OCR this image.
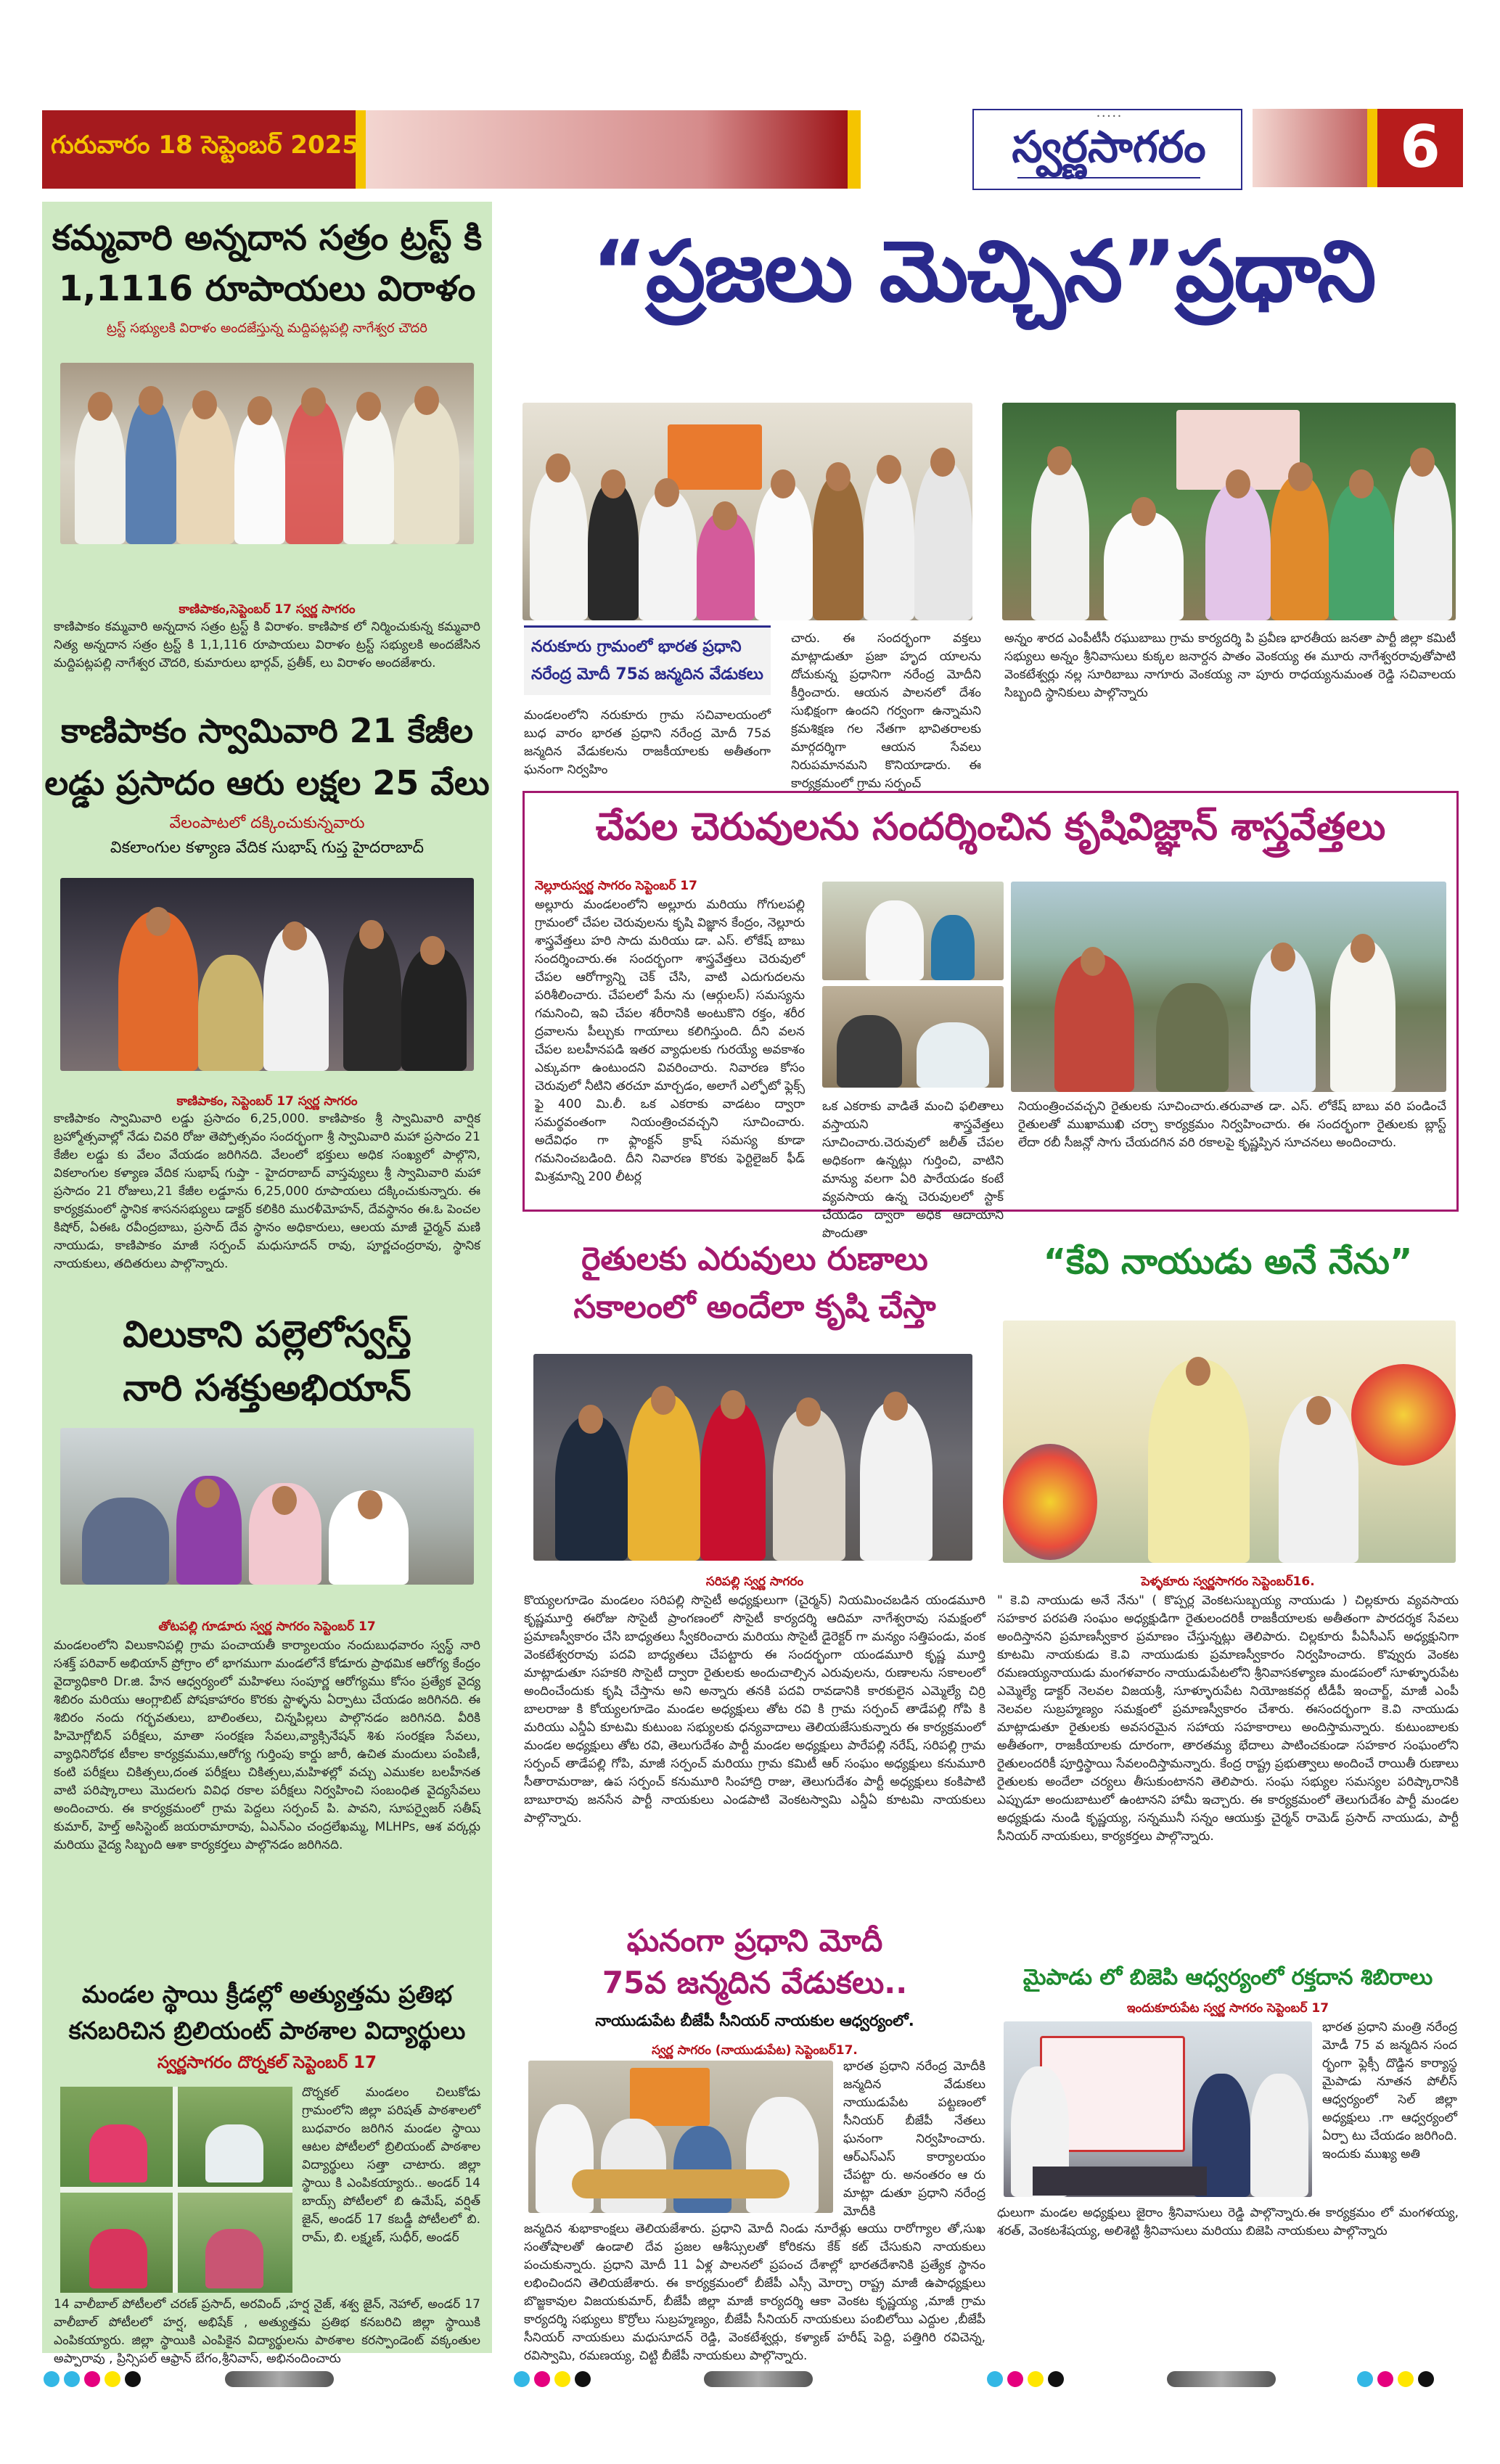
గురువారం 18 సెప్టెంబర్ 2025
• • • • •
స్వర్ణసాగరం	6
కమ్మవారి అన్నదాన సత్రం ట్రస్ట్ కి
1,1116 రూపాయలు విరాళం
ట్రస్ట్ సభ్యులకి విరాళం అందజేస్తున్న మద్దిపట్లపల్లి నాగేశ్వర చౌదరి
కాణిపాకం,సెప్టెంబర్ 17 స్వర్ణ సాగరం
కాణిపాకం కమ్మవారి అన్నదాన సత్రం ట్రస్ట్ కి విరాళం. కాణిపాక లో నిర్మించుకున్న కమ్మవారి నిత్య అన్నదాన సత్రం ట్రస్ట్ కి 1,1,116 రూపాయలు విరాళం ట్రస్ట్ సభ్యులకి అందజేసిన మద్దిపట్లపల్లి నాగేశ్వర చౌదరి, కుమారులు భార్గవ్, ప్రతీక్, లు విరాళం అందజేశారు.
కాణిపాకం స్వామివారి 21 కేజీల
లడ్డు ప్రసాదం ఆరు లక్షల 25 వేలు
వేలంపాటలో దక్కించుకున్నవారు
వికలాంగుల కళ్యాణ వేదిక సుభాష్ గుప్త హైదరాబాద్
కాణిపాకం, సెప్టెంబర్ 17 స్వర్ణ సాగరం
కాణిపాకం స్వామివారి లడ్డు ప్రసాదం 6,25,000. కాణిపాకం శ్రీ స్వామివారి వార్షిక బ్రహ్మోత్సవాల్లో నేడు చివరి రోజు తెప్పోత్సవం సందర్భంగా శ్రీ స్వామివారి మహా ప్రసాదం 21 కేజీల లడ్డు కు వేలం వేయడం జరిగినది. వేలంలో భక్తులు అధిక సంఖ్యలో పాల్గొని, వికలాంగుల కళ్యాణ వేదిక సుభాష్ గుప్తా - హైదరాబాద్ వాస్తవ్యులు శ్రీ స్వామివారి మహా ప్రసాదం 21 రోజులు,21 కేజీల లడ్డూను 6,25,000 రూపాయలు దక్కించుకున్నారు. ఈ కార్యక్రమంలో స్థానిక శాసనసభ్యులు డాక్టర్ కలికిరి మురళీమోహన్, దేవస్థానం ఈ.ఓ పెంచల కిషోర్, ఏఈఓ రవీంద్రబాబు, ప్రసాద్ దేవ స్థానం అధికారులు, ఆలయ మాజీ ఛైర్మన్ మణి నాయుడు, కాణిపాకం మాజీ సర్పంచ్ మధుసూదన్ రావు, పూర్ణచంద్రరావు, స్థానిక నాయకులు, తదితరులు పాల్గొన్నారు.
విలుకాని పల్లెలోస్వస్త్
నారి సశక్తుఅభియాన్
తోటపల్లి గూడూరు స్వర్ణ సాగరం సెప్టెంబర్ 17
మండలంలోని విలుకానిపల్లి గ్రామ పంచాయతీ కార్యాలయం నందుబుధవారం స్వస్థ్ నారి సశక్త్ పరివార్ అభియాన్ ప్రోగ్రాం లో భాగముగా మండలోనే కోడూరు ప్రాథమిక ఆరోగ్య కేంద్రం వైద్యాధికారి Dr.జి. హేన ఆధ్వర్యంలో మహిళలు సంపూర్ణ ఆరోగ్యము కోసం ప్రత్యేక వైద్య శిబిరం మరియు ఆంగ్లాబిట్ పోషకాహారం కొరకు స్టాళ్ళను ఏర్పాటు చేయడం జరిగినది. ఈ శిబిరం నందు గర్భవతులు, బాలింతలు, చిన్నపిల్లలు పాల్గొనడం జరిగినది. వీరికి హిమోగ్లోబిన్ పరీక్షలు, మాతా సంరక్షణ సేవలు,వ్యాక్సినేషన్ శిశు సంరక్షణ సేవలు, వ్యాధినిరోధక టీకాల కార్యక్రమము,ఆరోగ్య గుర్తింపు కార్డు జారీ, ఉచిత మందులు పంపిణీ, కంటి పరీక్షలు చికిత్సలు,దంత పరీక్షలు చికిత్సలు,మహిళల్లో వచ్చు ఎముకల బలహీనత వాటి పరిష్కారాలు మొదలగు వివిధ రకాల పరీక్షలు నిర్వహించి సంబంధిత వైద్యసేవలు అందించారు. ఈ కార్యక్రమంలో గ్రామ పెద్దలు సర్పంచ్ పి. పావని, సూపర్వైజర్ సతీష్ కుమార్, హెల్త్ అసిస్టెంట్ జయరామారావు, ఏఎన్ఎం చంద్రలేఖమ్మ, MLHPs, ఆశ వర్కర్లు మరియు వైద్య సిబ్బంది ఆశా కార్యకర్తలు పాల్గొనడం జరిగినది.
మండల స్థాయి క్రీడల్లో అత్యుత్తమ ప్రతిభ
కనబరిచిన బ్రిలియంట్ పాఠశాల విద్యార్థులు
స్వర్ణసాగరం దొర్నకల్ సెప్టెంబర్ 17
దొర్నకల్ మండలం చిలుకోడు గ్రామంలోని జిల్లా పరిషత్ పాఠశాలలో బుధవారం జరిగిన మండల స్థాయి ఆటల పోటీలలో బ్రిలియంట్ పాఠశాల విద్యార్థులు సత్తా చాటారు. జిల్లా స్థాయి కి ఎంపికయ్యారు.. అండర్ 14 బాయ్స్ పోటీలలో బి ఉమేష్, వర్షిత్ జైన్, అండర్ 17 కబడ్డీ పోటీలలో బి. రామ్, బి. లక్ష్మణ్, సుధీర్, అండర్
14 వాలీబాల్ పోటీలలో చరణ్ ప్రసాద్, అరవింద్ ,హర్ష నైజ్, శశ్వ జైన్, నెహాల్, అండర్ 17 వాలీబాల్ పోటీలలో హర్ష, అభిషేక్ , అత్యుత్తమ ప్రతిభ కనబరిచి జిల్లా స్థాయికి ఎంపికయ్యారు. జిల్లా స్థాయికి ఎంపికైన విద్యార్థులను పాఠశాల కరస్పాండెంట్ వక్కంతుల అప్పారావు , ప్రిన్సిపల్ ఆఫ్రాన్ బేగం,శ్రీనివాస్, అభినందించారు
“ప్రజలు మెచ్చిన”ప్రధాని
నరుకూరు గ్రామంలో భారత ప్రధాని నరేంద్ర మోదీ 75వ జన్మదిన వేడుకలు
మండలంలోని నరుకూరు గ్రామ సచివాలయంలో బుధ వారం భారత ప్రధాని నరేంద్ర మోదీ 75వ జన్మదిన వేడుకలను రాజకీయాలకు అతీతంగా ఘనంగా నిర్వహిం
చారు. ఈ సందర్భంగా వక్తలు మాట్లాడుతూ ప్రజా హృద యాలను దోచుకున్న ప్రధానిగా నరేంద్ర మోదీని కీర్తించారు. ఆయన పాలనలో దేశం సుభిక్షంగా ఉందని గర్వంగా ఉన్నామని క్రమశిక్షణ గల నేతగా భావితరాలకు మార్గదర్శిగా ఆయన సేవలు నిరుపమానమని కొనియాడారు. ఈ కార్యక్రమంలో గ్రామ సర్పంచ్
అన్నం శారద ఎంపీటీసీ రఘుబాబు గ్రామ కార్యదర్శి పి ప్రవీణ భారతీయ జనతా పార్టీ జిల్లా కమిటీ సభ్యులు అన్నం శ్రీనివాసులు కుక్కల జనార్దన పాతం వెంకయ్య ఈ మూరు నాగేశ్వరరావుతోపాటి వెంకటేశ్వర్లు నల్ల సూరిబాబు నాగూరు వెంకయ్య నా పూరు రాధయ్యనుమంత రెడ్డి సచివాలయ సిబ్బంది స్థానికులు పాల్గొన్నారు
చేపల చెరువులను సందర్శించిన కృషివిజ్ఞాన్ శాస్త్రవేత్తలు
నెల్లూరుస్వర్ణ సాగరం సెప్టెంబర్ 17
అల్లూరు మండలంలోని అల్లూరు మరియు గోగులపల్లి గ్రామంలో చేపల చెరువులను కృషి విజ్ఞాన కేంద్రం, నెల్లూరు శాస్త్రవేత్తలు హరి సాదు మరియు డా. ఎస్. లోకేష్ బాబు సందర్శించారు.ఈ సందర్భంగా శాస్త్రవేత్తలు చెరువులో చేపల ఆరోగ్యాన్ని చెక్ చేసి, వాటి ఎదుగుదలను పరిశీలించారు. చేపలలో పేను ను (ఆర్గులస్) సమస్యను గమనించి, ఇవి చేపల శరీరానికి అంటుకొని రక్తం, శరీర ద్రవాలను పీల్చుకు గాయాలు కలిగిస్తుంది. దీని వలన చేపల బలహీనపడి ఇతర వ్యాధులకు గురయ్యే అవకాశం ఎక్కువగా ఉంటుందని వివరించారు. నివారణ కోసం చెరువులో నీటిని తరచూ మార్చడం, అలాగే ఎల్ఫోటో ఫ్లెక్స్ ఫై 400 మి.లీ. ఒక ఎకరాకు వాడటం ద్వారా సమర్థవంతంగా నియంత్రించవచ్చని సూచించారు. అదేవిధం గా ఫ్లాంక్టన్ క్రాష్ సమస్య కూడా గమనించబడింది. దీని నివారణ కొరకు ఫెర్టిలైజర్ ఫీడ్ మిశ్రమాన్ని 200 లీటర్ల
ఒక ఎకరాకు వాడితే మంచి ఫలితాలు వస్తాయని శాస్త్రవేత్తలు సూచించారు.చెరువులో జలీత్ చేపల అధికంగా ఉన్నట్లు గుర్తించి, వాటిని మాన్యు వలగా ఏరి పారేయడం కంటే వ్యవసాయ ఉన్న చెరువులలో స్టాక్ చేయడం ద్వారా అధిక ఆదాయాని పొందుతా
నియంత్రించవచ్చని రైతులకు సూచించారు.తరువాత డా. ఎస్. లోకేష్ బాబు వరి పండించే రైతులతో ముఖాముఖి చర్చా కార్యక్రమం నిర్వహించారు. ఈ సందర్భంగా రైతులకు బ్లాస్ట్ లేదా రబీ సీజన్లో సాగు చేయదగిన వరి రకాలపై కృష్ణప్పిన సూచనలు అందించారు.
రైతులకు ఎరువులు రుణాలు
సకాలంలో అందేలా కృషి చేస్తా
సరిపల్లి స్వర్ణ సాగరం
కొయ్యలగూడెం మండలం సరిపల్లి సొసైటీ అధ్యక్షులుగా (చైర్మన్) నియమించబడిన యండమూరి కృష్ణమూర్తి ఈరోజు సొసైటీ ప్రాంగణంలో సొసైటీ కార్యదర్శి ఆదిమా నాగేశ్వరావు సమక్షంలో ప్రమాణస్వీకారం చేసి బాధ్యతలు స్వీకరించారు మరియు సొసైటీ డైరెక్టర్ గా మన్యం సత్తిపండు, వంక వెంకటేశ్వరరావు పదవి బాధ్యతలు చేపట్టారు ఈ సందర్భంగా యండమూరి కృష్ణ మూర్తి మాట్లాడుతూ సహకరి సొసైటీ ద్వారా రైతులకు అందుచాల్సిన ఎరువులను, రుణాలను సకాలంలో అందించేందుకు కృషి చేస్తాను అని అన్నారు తనకి పదవి రావడానికి కారకులైన ఎమ్మెల్యే చిర్రి బాలరాజు కి కోయ్యలగూడెం మండల అధ్యక్షులు తోట రవి కి గ్రామ సర్పంచ్ తాడేపల్లి గోపి కి మరియు ఎన్డీఏ కూటమి కుటుంబ సభ్యులకు ధన్యవాదాలు తెలియజేసుకున్నారు ఈ కార్యక్రమంలో మండల అధ్యక్షులు తోట రవి, తెలుగుదేశం పార్టీ మండల అధ్యక్షులు పారేపల్లి నరేష్, సరిపల్లి గ్రామ సర్పంచ్ తాడేపల్లి గోపి, మాజీ సర్పంచ్ మరియు గ్రామ కమిటీ ఆర్ సంఘం అధ్యక్షులు కనుమూరి సీతారామరాజు, ఉప సర్పంచ్ కనుమూరి సింహాద్రి రాజు, తెలుగుదేశం పార్టీ అధ్యక్షులు కంకిపాటి బాబూరావు జనసేన పార్టీ నాయకులు ఎండపాటి వెంకటస్వామి ఎన్డీఏ కూటమి నాయకులు పాల్గొన్నారు.
ఘనంగా ప్రధాని మోదీ
75వ జన్మదిన వేడుకలు..
నాయుడుపేట బీజేపీ సీనియర్ నాయకుల ఆధ్వర్యంలో.
స్వర్ణ సాగరం (నాయుడుపేట) సెప్టెంబర్17.
భారత ప్రధాని నరేంద్ర మోదీకి జన్మదిన వేడుకలు నాయుడుపేట పట్టణంలో సీనియర్ బీజేపీ నేతలు ఘనంగా నిర్వహించారు. ఆర్ఎస్ఎస్ కార్యాలయం చేపట్టా రు. అనంతరం ఆ రు మాట్లా డుతూ ప్రధాని నరేంద్ర మోదీకి
జన్మదిన శుభాకాంక్షలు తెలియజేశారు. ప్రధాని మోదీ నిండు నూరేళ్లు ఆయు రారోగ్యాల తో,సుఖ సంతోషాలతో ఉండాలి దేవ ప్రజల ఆశీస్సులతో కోరికను కేక్ కట్ చేసుకుని నాయకులు పంచుకున్నారు. ప్రధాని మోదీ 11 ఏళ్ల పాలనలో ప్రపంచ దేశాల్లో భారతదేశానికి ప్రత్యేక స్థానం లభించిందని తెలియజేశారు. ఈ కార్యక్రమంలో బీజేపీ ఎస్సీ మోర్చా రాష్ట్ర మాజీ ఉపాధ్యక్షులు బొజ్జకావుల విజయకుమార్, బీజేపీ జిల్లా మాజీ కార్యదర్శి ఆకా వెంకట కృష్ణయ్య ,మాజీ గ్రామ కార్యదర్శి సభ్యులు కొర్రోలు సుబ్రహ్మణ్యం, బీజేపీ సీనియర్ నాయకులు పంబిలోయి ఎద్దుల ,బీజేపీ సీనియర్ నాయకులు మధుసూదన్ రెడ్డి, వెంకటేశ్వర్లు, కళ్యాణ్ హరీష్ పెద్ది, పత్తిగిరి రవిచెన్న, రవిస్వామి, రమణయ్య, చిట్టి బీజేపీ నాయకులు పాల్గొన్నారు.
“కేవి నాయుడు అనే నేను”
పెళ్ళకూరు స్వర్ణసాగరం సెప్టెంబర్16.
" కె.వి నాయుడు అనే నేను" ( కొప్పర్ల వెంకటసుబ్బయ్య నాయుడు ) చిల్లకూరు వ్యవసాయ సహకార పరపతి సంఘం అధ్యక్షుడిగా రైతులందరికీ రాజకీయాలకు అతీతంగా పారదర్శక సేవలు అందిస్తానని ప్రమాణస్వీకార ప్రమాణం చేస్తున్నట్లు తెలిపారు. చిల్లకూరు పీఏసీఎస్ అధ్యక్షునిగా కూటమి నాయకుడు కె.వి నాయుడుకు ప్రమాణస్వీకారం నిర్వహించారు. కొవ్వురు వెంకట రమణయ్యనాయుడు మంగళవారం నాయుడుపేటలోని శ్రీనివాసకళ్యాణ మండపంలో సూళ్ళూరుపేట ఎమ్మెల్యే డాక్టర్ నెలవల విజయశ్రీ, సూళ్ళూరుపేట నియోజకవర్గ టీడీపీ ఇంచార్జ్, మాజీ ఎంపీ నెలవల సుబ్రహ్మణ్యం సమక్షంలో ప్రమాణస్వీకారం చేశారు. ఈసందర్భంగా కె.వి నాయుడు మాట్లాడుతూ రైతులకు అవసరమైన సహాయ సహకారాలు అందిస్తామన్నారు. కుటుంబాలకు అతీతంగా, రాజకీయాలకు దూరంగా, తారతమ్య భేదాలు పాటించకుండా సహకార సంఘంలోని రైతులందరికీ పూర్తిస్థాయి సేవలందిస్తామన్నారు. కేంద్ర రాష్ట్ర ప్రభుత్వాలు అందించే రాయితీ రుణాలు రైతులకు అందేలా చర్యలు తీసుకుంటానని తెలిపారు. సంఘ సభ్యుల సమస్యల పరిష్కారానికి ఎప్పుడూ అందుబాటులో ఉంటానని హామీ ఇచ్చారు. ఈ కార్యక్రమంలో తెలుగుదేశం పార్టీ మండల అధ్యక్షుడు నుండి కృష్ణయ్య, సన్నమునీ సన్నం ఆయుక్తు చైర్మన్ రామెడ్ ప్రసాద్ నాయుడు, పార్టీ సీనియర్ నాయకులు, కార్యకర్తలు పాల్గొన్నారు.
మైపాడు లో బిజెపి ఆధ్వర్యంలో రక్తదాన శిబిరాలు
ఇందుకూరుపేట స్వర్ణ సాగరం సెప్టెంబర్ 17
భారత ప్రధాని మంత్రి నరేంద్ర మోడీ 75 వ జన్మదిన సంద ర్భంగా ఫ్లెక్సీ దొడ్డిన కార్యాస్థ మైపాడు నూతన పోలీస్ ఆధ్వర్యంలో సెల్ జిల్లా అధ్యక్షులు .గా ఆధ్వర్యంలో ఏర్పా టు చేయడం జరిగింది. ఇందుకు ముఖ్య అతి
ధులుగా మండల అధ్యక్షులు జైరాం శ్రీనివాసులు రెడ్డి పాల్గొన్నారు.ఈ కార్యక్రమం లో మంగళయ్య, శరత్, వెంకటశేషయ్య, అలిశెట్టి శ్రీనివాసులు మరియు బిజెపి నాయకులు పాల్గొన్నారు
